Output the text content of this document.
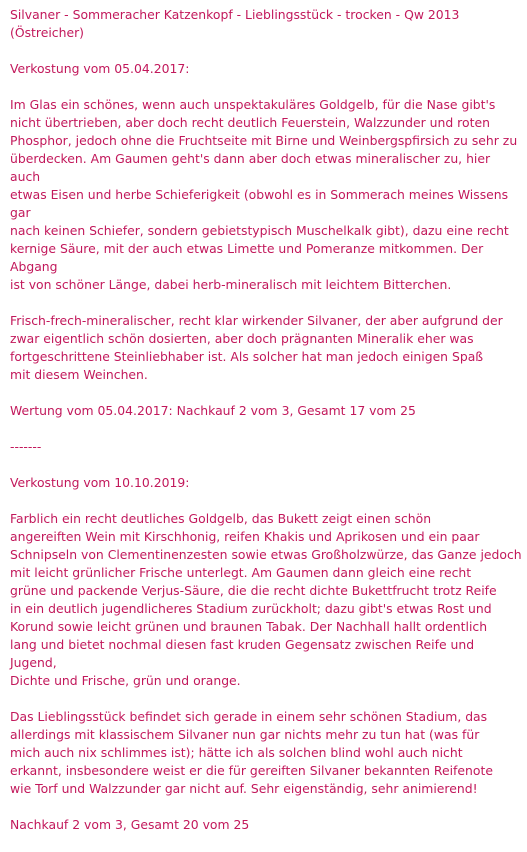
Silvaner - Sommeracher Katzenkopf - Lieblingsstück - trocken - Qw 2013
(Östreicher)
Verkostung vom 05.04.2017:
Im Glas ein schönes, wenn auch unspektakuläres Goldgelb, für die Nase gibt's
nicht übertrieben, aber doch recht deutlich Feuerstein, Walzzunder und roten
Phosphor, jedoch ohne die Fruchtseite mit Birne und Weinbergspfirsich zu sehr zu
überdecken. Am Gaumen geht's dann aber doch etwas mineralischer zu, hier auch
etwas Eisen und herbe Schieferigkeit (obwohl es in Sommerach meines Wissens gar
nach keinen Schiefer, sondern gebietstypisch Muschelkalk gibt), dazu eine recht
kernige Säure, mit der auch etwas Limette und Pomeranze mitkommen. Der Abgang
ist von schöner Länge, dabei herb-mineralisch mit leichtem Bitterchen.
Frisch-frech-mineralischer, recht klar wirkender Silvaner, der aber aufgrund der
zwar eigentlich schön dosierten, aber doch prägnanten Mineralik eher was
fortgeschrittene Steinliebhaber ist. Als solcher hat man jedoch einigen Spaß
mit diesem Weinchen.
Wertung vom 05.04.2017: Nachkauf 2 vom 3, Gesamt 17 vom 25
-------
Verkostung vom 10.10.2019:
Farblich ein recht deutliches Goldgelb, das Bukett zeigt einen schön
angereiften Wein mit Kirschhonig, reifen Khakis und Aprikosen und ein paar
Schnipseln von Clementinenzesten sowie etwas Großholzwürze, das Ganze jedoch
mit leicht grünlicher Frische unterlegt. Am Gaumen dann gleich eine recht
grüne und packende Verjus-Säure, die die recht dichte Bukettfrucht trotz Reife
in ein deutlich jugendlicheres Stadium zurückholt; dazu gibt's etwas Rost und
Korund sowie leicht grünen und braunen Tabak. Der Nachhall hallt ordentlich
lang und bietet nochmal diesen fast kruden Gegensatz zwischen Reife und Jugend,
Dichte und Frische, grün und orange.
Das Lieblingsstück befindet sich gerade in einem sehr schönen Stadium, das
allerdings mit klassischem Silvaner nun gar nichts mehr zu tun hat (was für
mich auch nix schlimmes ist); hätte ich als solchen blind wohl auch nicht
erkannt, insbesondere weist er die für gereiften Silvaner bekannten Reifenote
wie Torf und Walzzunder gar nicht auf. Sehr eigenständig, sehr animierend!
Nachkauf 2 vom 3, Gesamt 20 vom 25
